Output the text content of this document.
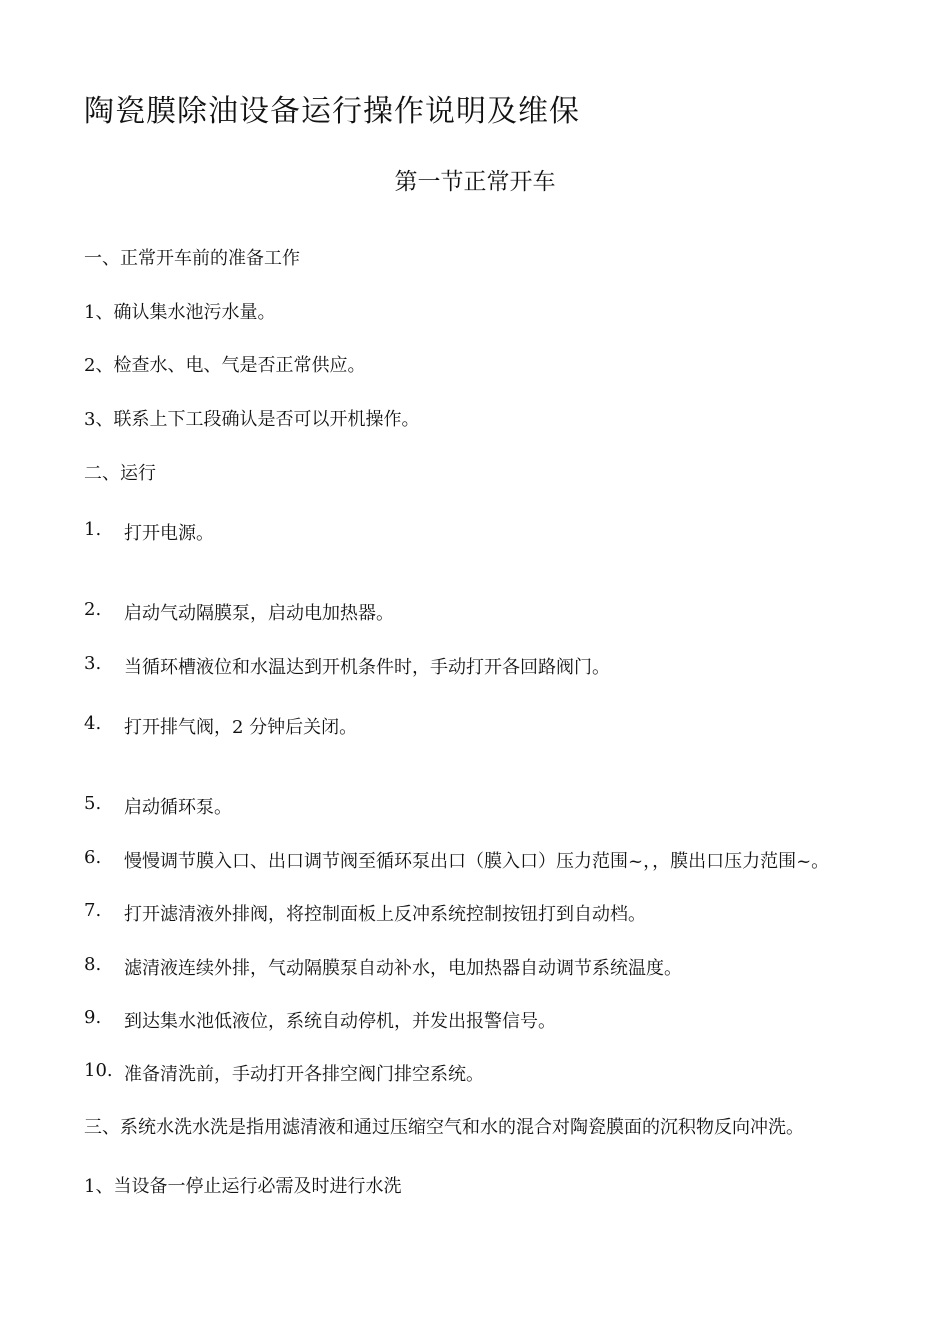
陶瓷膜除油设备运行操作说明及维保
第一节正常开车
一、正常开车前的准备工作
1、确认集水池污水量。
2、检查水、电、气是否正常供应。
3、联系上下工段确认是否可以开机操作。
二、运行
1. 打开电源。
2. 启动气动隔膜泵，启动电加热器。
3. 当循环槽液位和水温达到开机条件时，手动打开各回路阀门。
4. 打开排气阀，2 分钟后关闭。
5. 启动循环泵。
6. 慢慢调节膜入口、出口调节阀至循环泵出口（膜入口）压力范围~，，膜出口压力范围~。
7. 打开滤清液外排阀，将控制面板上反冲系统控制按钮打到自动档。
8. 滤清液连续外排，气动隔膜泵自动补水，电加热器自动调节系统温度。
9. 到达集水池低液位，系统自动停机，并发出报警信号。
10. 准备清洗前，手动打开各排空阀门排空系统。
三、系统水洗水洗是指用滤清液和通过压缩空气和水的混合对陶瓷膜面的沉积物反向冲洗。
1、当设备一停止运行必需及时进行水洗
